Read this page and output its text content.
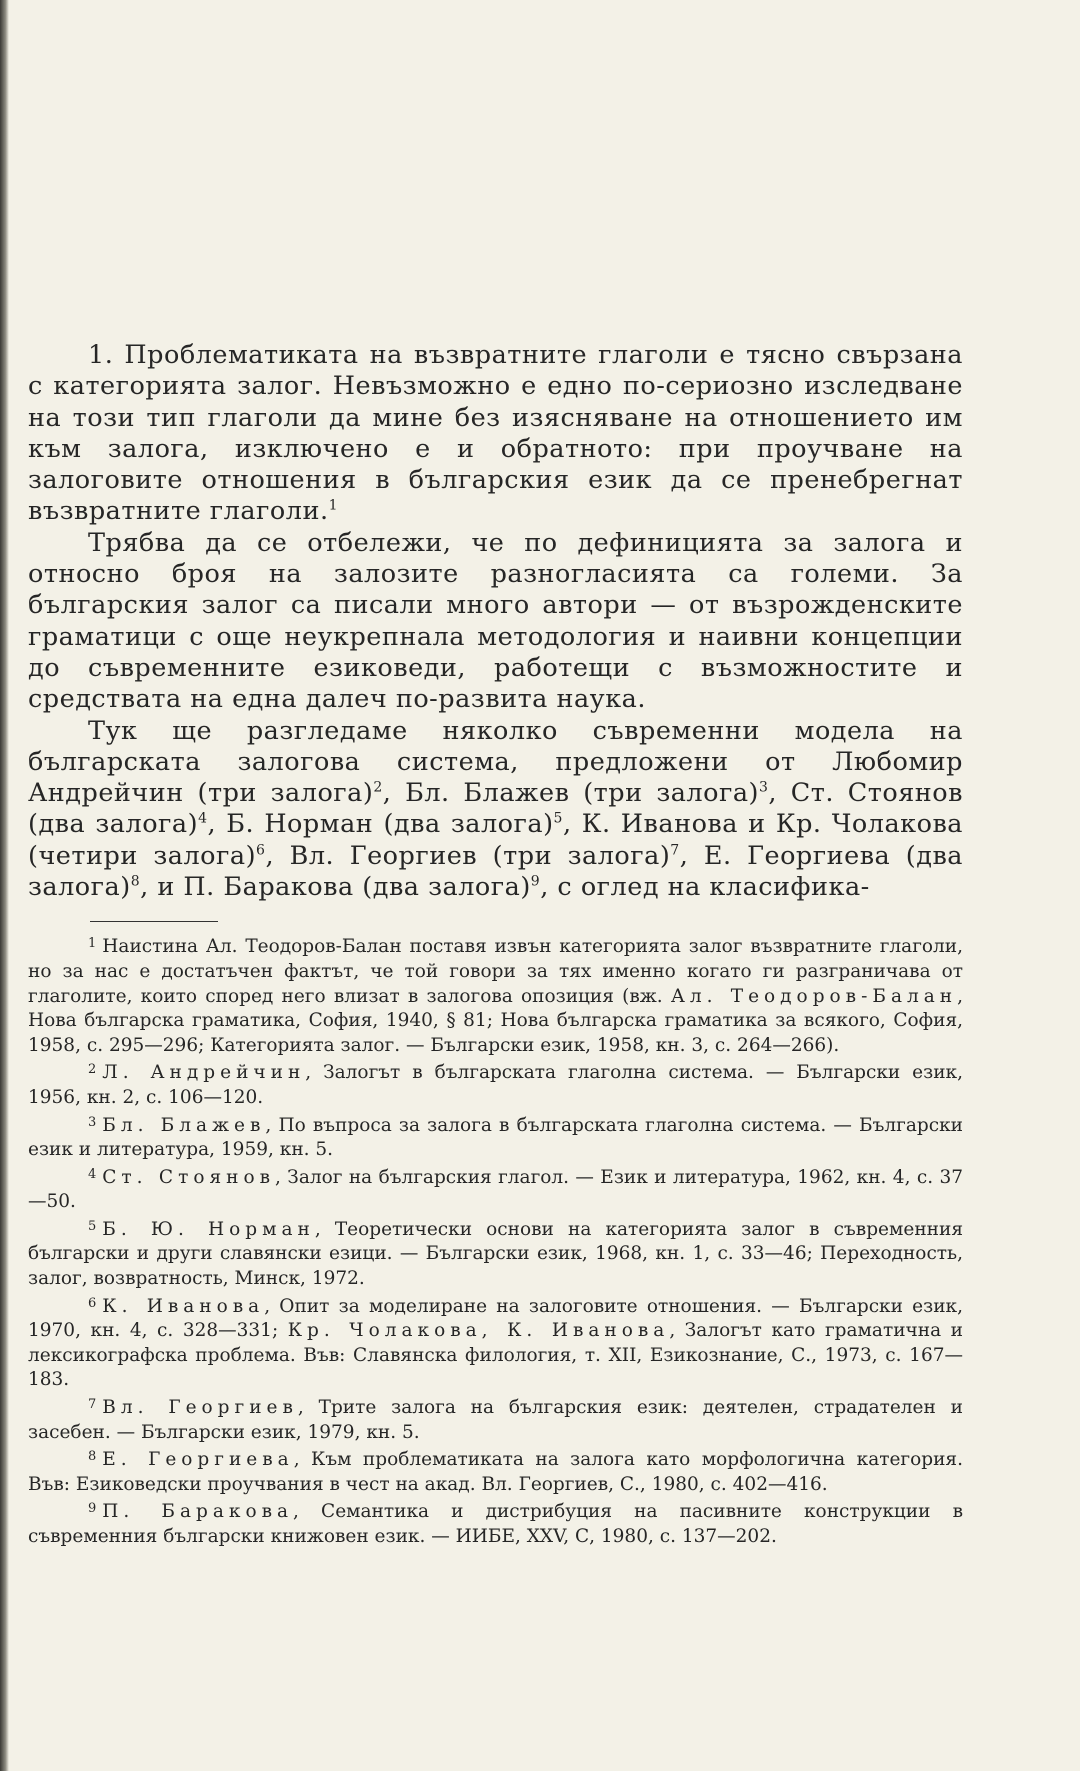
1. Проблематиката на възвратните глаголи е тясно свързана с категорията залог. Невъзможно е едно по-сериозно изследване на този тип глаголи да мине без изясняване на отношението им към залога, изключено е и обратното: при проучване на залоговите отношения в българския език да се пренебрегнат възвратните глаголи.$^1$

Трябва да се отбележи, че по дефиницията за залога и относно броя на залозите разногласията са големи. За българския залог са писали много автори — от възрожденските граматици с още неукрепнала методология и наивни концепции до съвременните езиковеди, работещи с възможностите и средствата на една далеч по-развита наука.

Тук ще разгледаме няколко съвременни модела на българската залогова система, предложени от Любомир Андрейчин (три залога)$^2$, Бл. Блажев (три залога)$^3$, Ст. Стоянов (два залога)$^4$, Б. Норман (два залога)$^5$, К. Иванова и Кр. Чолакова (четири залога)$^6$, Вл. Георгиев (три залога)$^7$, Е. Георгиева (два залога)$^8$, и П. Баракова (два залога)$^9$, с оглед на класифика-

$^1$ Наистина Ал. Теодоров-Балан поставя извън категорията залог възвратните глаголи, но за нас е достатъчен фактът, че той говори за тях именно когато ги разграничава от глаголите, които според него влизат в залогова опозиция (вж. Ал. Теодоров-Балан, Нова българска граматика, София, 1940, § 81; Нова българска граматика за всякого, София, 1958, с. 295—296; Категорията залог. — Български език, 1958, кн. 3, с. 264—266).

$^2$ Л. Андрейчин, Залогът в българската глаголна система. — Български език, 1956, кн. 2, с. 106—120.

$^3$ Бл. Блажев, По въпроса за залога в българската глаголна система. — Български език и литература, 1959, кн. 5.

$^4$ Ст. Стоянов, Залог на българския глагол. — Език и литература, 1962, кн. 4, с. 37—50.

$^5$ Б. Ю. Норман, Теоретически основи на категорията залог в съвременния български и други славянски езици. — Български език, 1968, кн. 1, с. 33—46; Переходность, залог, возвратность, Минск, 1972.

$^6$ К. Иванова, Опит за моделиране на залоговите отношения. — Български език, 1970, кн. 4, с. 328—331; Кр. Чолакова, К. Иванова, Залогът като граматична и лексикографска проблема. Във: Славянска филология, т. XII, Езикознание, С., 1973, с. 167—183.

$^7$ Вл. Георгиев, Трите залога на българския език: деятелен, страдателен и засебен. — Български език, 1979, кн. 5.

$^8$ Е. Георгиева, Към проблематиката на залога като морфологична категория. Във: Езиковедски проучвания в чест на акад. Вл. Георгиев, С., 1980, с. 402—416.

$^9$ П. Баракова, Семантика и дистрибуция на пасивните конструкции в съвременния български книжовен език. — ИИБЕ, XXV, С, 1980, с. 137—202.
